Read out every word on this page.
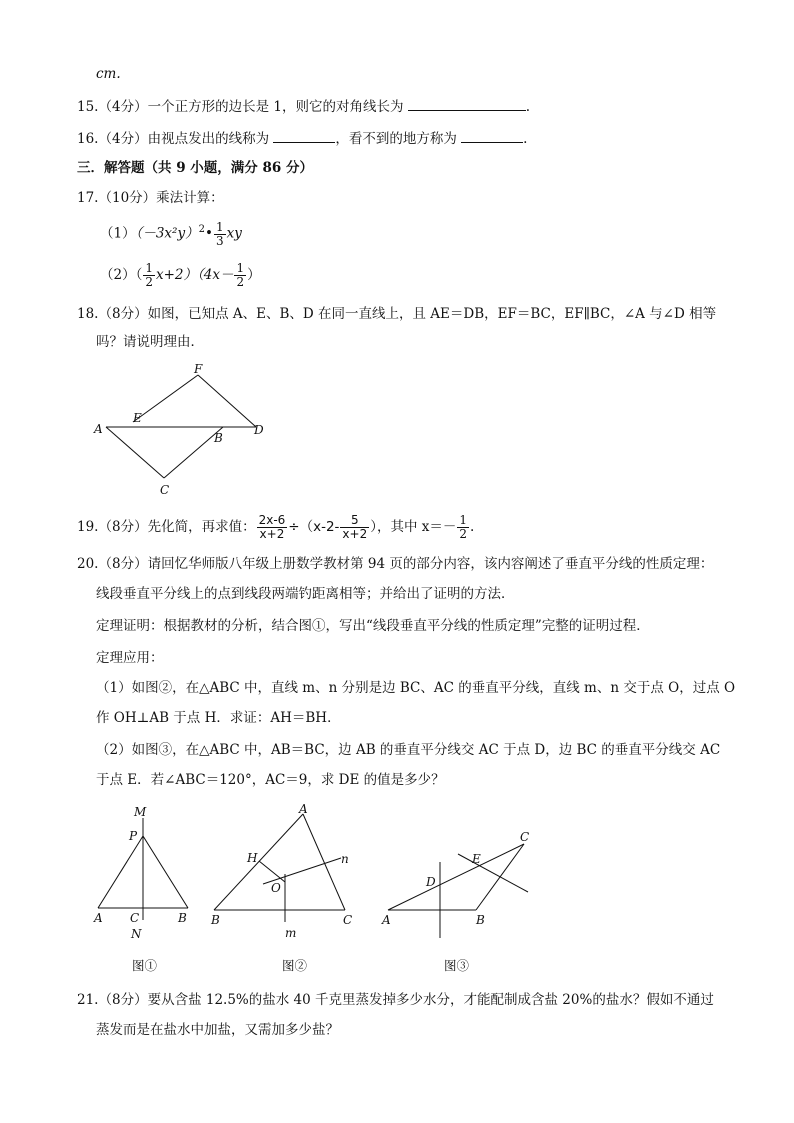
cm.
15.（4分）一个正方形的边长是 1，则它的对角线长为	.
16.（4分）由视点发出的线称为	，看不到的地方称为	.
三．解答题（共 9 小题，满分 86 分）
17.（10分）乘法计算：
$(1)(-3x^2y)^2• \frac{1}{3}$ xy
$(2)( \frac{1}{2} x+2)(4x- \frac{1}{2}$ ）
18.（8分）如图，已知点 A、E、B、D 在同一直线上，且 AE＝DB，EF＝BC，EF∥BC，∠A 与∠D 相等
吗？请说明理由．
F
E
A
B
D
C
19.（8分）先化简，再求值： $\frac{2x-6}{x+2} \div(x-2- \frac{5}{x+2}$ ），其中 $x=- \frac{1}{2}$ .
20.（8分）请回忆华师版八年级上册数学教材第 94 页的部分内容，该内容阐述了垂直平分线的性质定理：
线段垂直平分线上的点到线段两端钓距离相等；并给出了证明的方法．
定理证明：根据教材的分析，结合图①，写出“线段垂直平分线的性质定理”完整的证明过程．
定理应用：
（1）如图②，在△ABC 中，直线 m、n 分别是边 BC、AC 的垂直平分线，直线 m、n 交于点 O，过点 O
作 OH⊥AB 于点 H．求证：AH＝BH．
（2）如图③，在△ABC 中，AB＝BC，边 AB 的垂直平分线交 AC 于点 D，边 BC 的垂直平分线交 AC
于点 E．若∠ABC＝120°，AC＝9，求 DE 的值是多少？
M
P
A C	B
N
图①
A
H	n
O
B	C
m
图②
C
E
D
A	B
图③
21.（8分）要从含盐 12.5%的盐水 40 千克里蒸发掉多少水分，才能配制成含盐 20%的盐水？假如不通过
蒸发而是在盐水中加盐，又需加多少盐？
